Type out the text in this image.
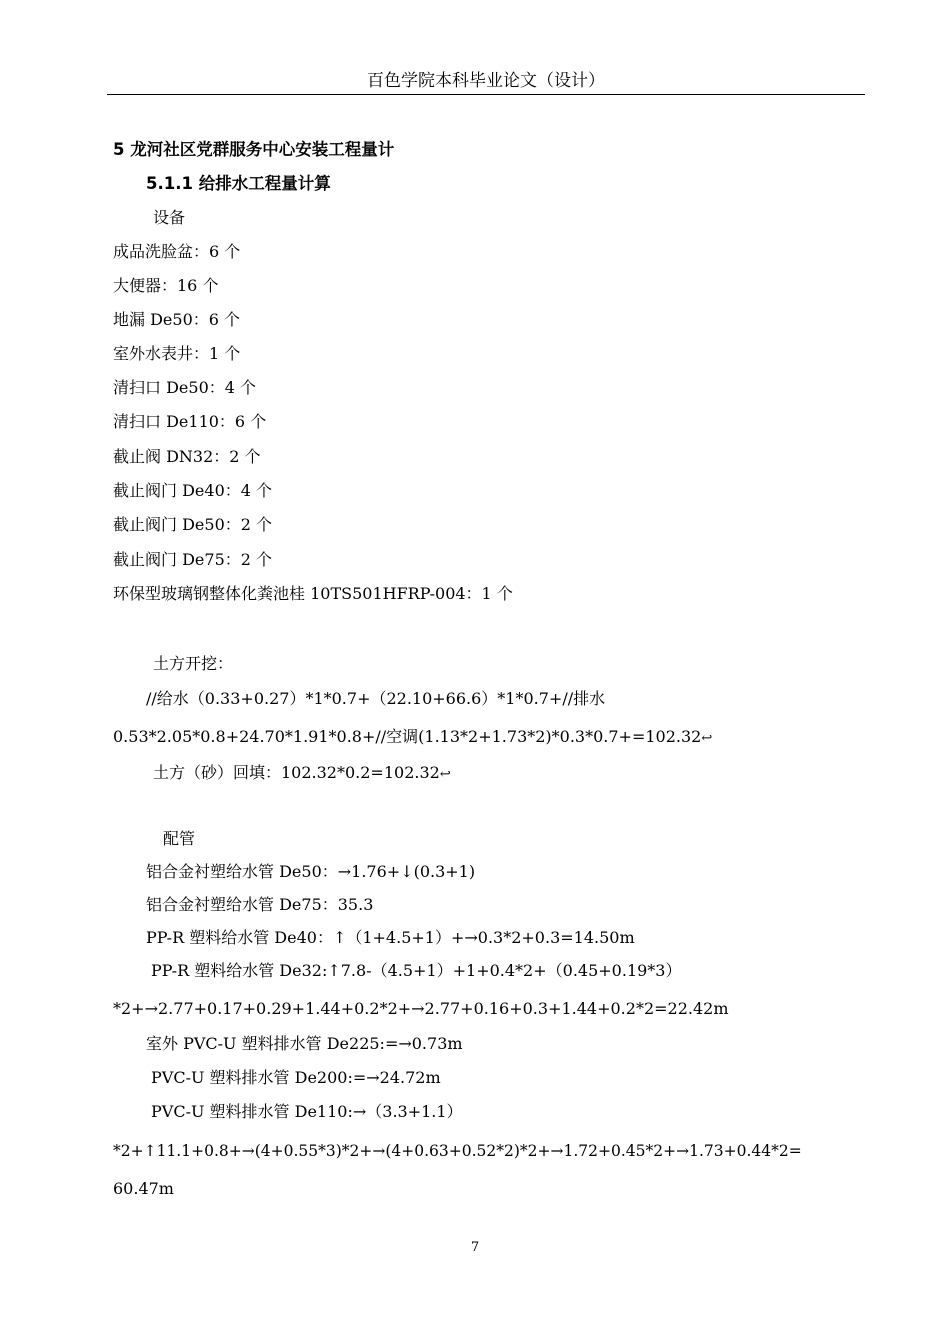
百色学院本科毕业论文（设计）
5 龙河社区党群服务中心安装工程量计
5.1.1 给排水工程量计算
设备
成品洗脸盆：6 个
大便器：16 个
地漏 De50：6 个
室外水表井：1 个
清扫口 De50：4 个
清扫口 De110：6 个
截止阀 DN32：2 个
截止阀门 De40：4 个
截止阀门 De50：2 个
截止阀门 De75：2 个
环保型玻璃钢整体化粪池桂 10TS501HFRP-004：1 个
土方开挖：
//给水（0.33+0.27）*1*0.7+（22.10+66.6）*1*0.7+//排水
0.53*2.05*0.8+24.70*1.91*0.8+//空调(1.13*2+1.73*2)*0.3*0.7+=102.32↩
土方（砂）回填：102.32*0.2=102.32↩
配管
铝合金衬塑给水管 De50：→1.76+↓(0.3+1)
铝合金衬塑给水管 De75：35.3
PP-R 塑料给水管 De40：↑（1+4.5+1）+→0.3*2+0.3=14.50m
PP-R 塑料给水管 De32:↑7.8-（4.5+1）+1+0.4*2+（0.45+0.19*3）
*2+→2.77+0.17+0.29+1.44+0.2*2+→2.77+0.16+0.3+1.44+0.2*2=22.42m
室外 PVC-U 塑料排水管 De225:=→0.73m
PVC-U 塑料排水管 De200:=→24.72m
PVC-U 塑料排水管 De110:→（3.3+1.1）
*2+↑11.1+0.8+→(4+0.55*3)*2+→(4+0.63+0.52*2)*2+→1.72+0.45*2+→1.73+0.44*2=
60.47m
7
